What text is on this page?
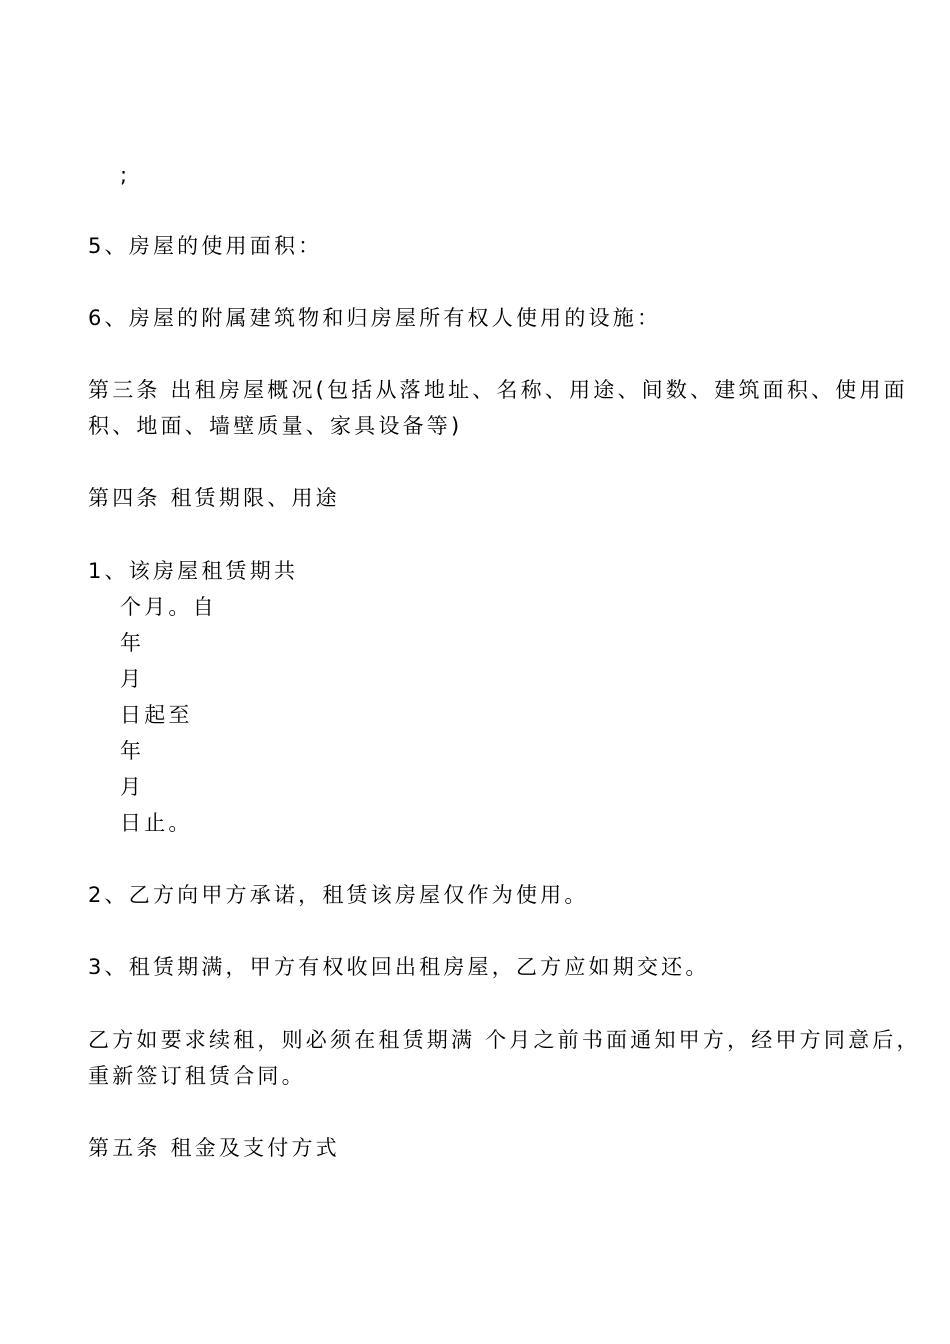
;
5、房屋的使用面积：
6、房屋的附属建筑物和归房屋所有权人使用的设施：
第三条 出租房屋概况(包括从落地址、名称、用途、间数、建筑面积、使用面
积、地面、墙壁质量、家具设备等)
第四条 租赁期限、用途
1、该房屋租赁期共
个月。自
年
月
日起至
年
月
日止。
2、乙方向甲方承诺，租赁该房屋仅作为使用。
3、租赁期满，甲方有权收回出租房屋，乙方应如期交还。
乙方如要求续租，则必须在租赁期满 个月之前书面通知甲方，经甲方同意后，
重新签订租赁合同。
第五条 租金及支付方式
